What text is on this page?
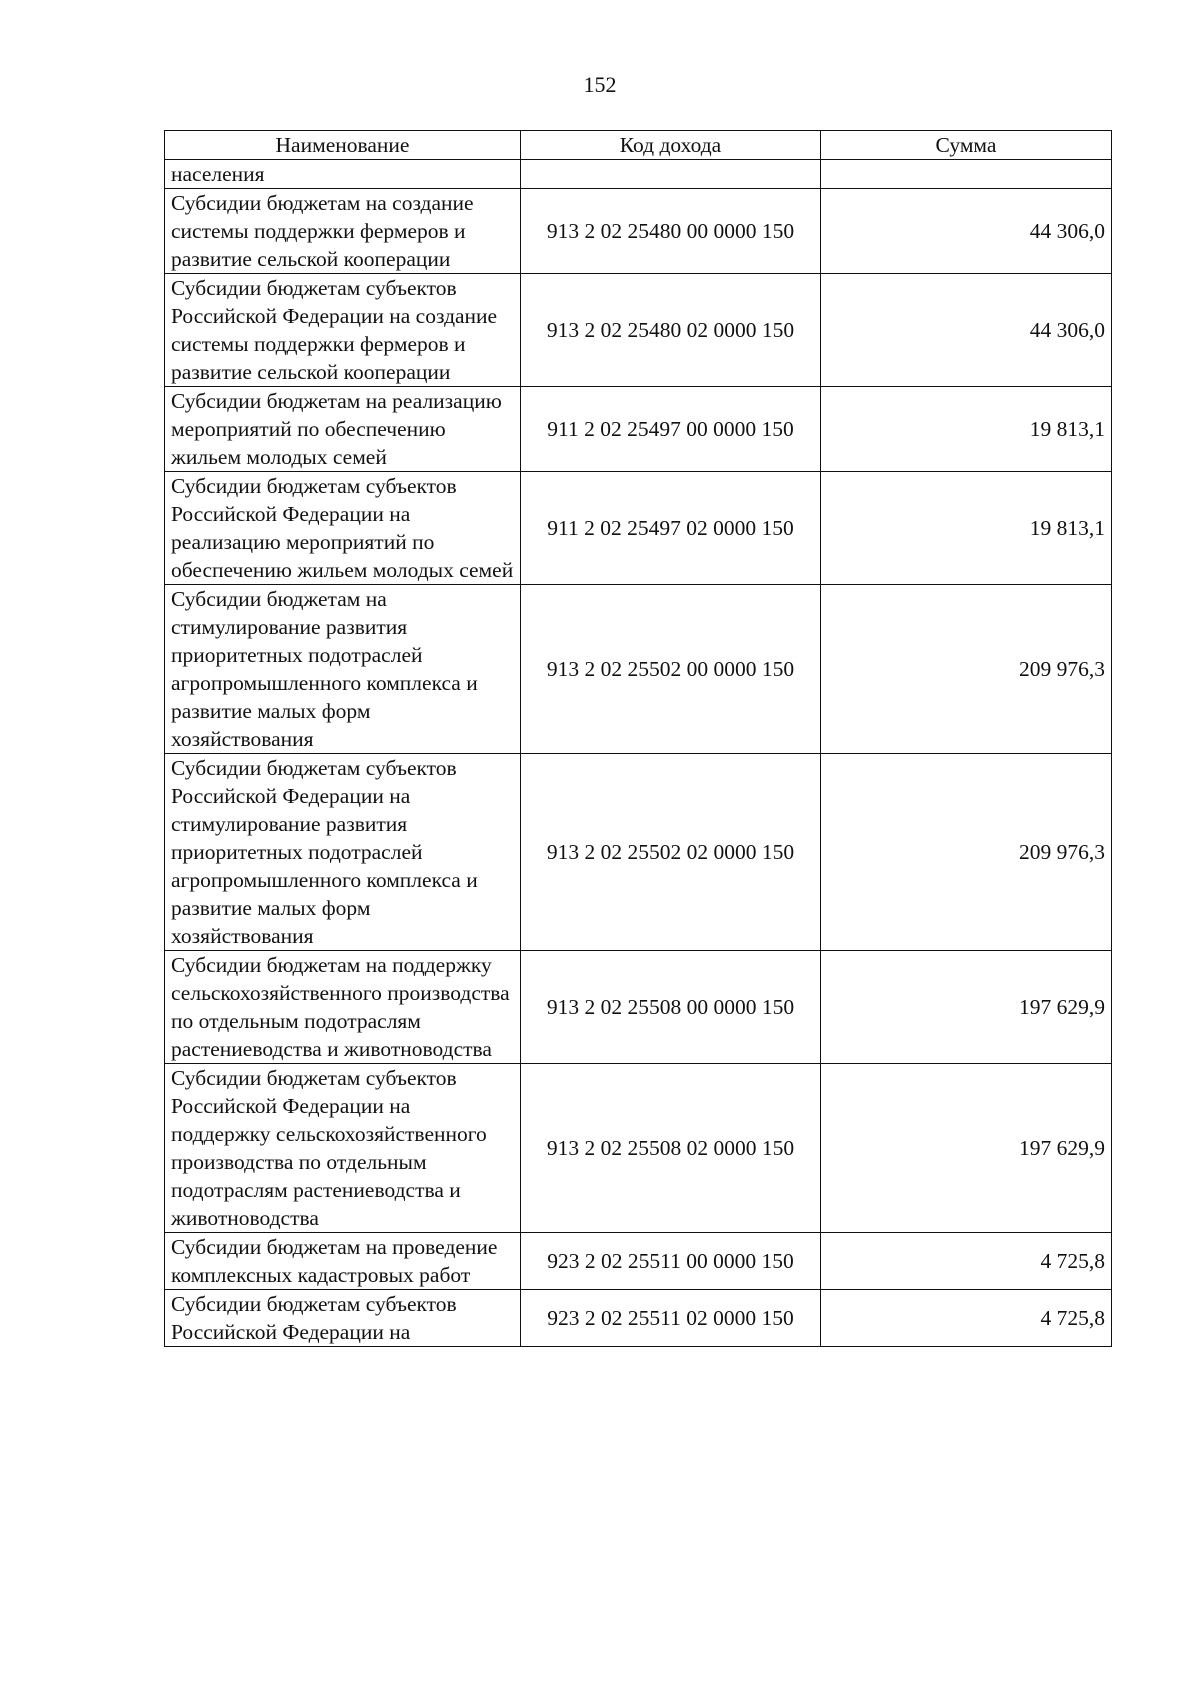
152
Наименование	Код дохода	Сумма
населения		
Субсидии бюджетам на создание системы поддержки фермеров и развитие сельской кооперации	913 2 02 25480 00 0000 150	44 306,0
Субсидии бюджетам субъектов Российской Федерации на создание системы поддержки фермеров и развитие сельской кооперации	913 2 02 25480 02 0000 150	44 306,0
Субсидии бюджетам на реализацию мероприятий по обеспечению жильем молодых семей	911 2 02 25497 00 0000 150	19 813,1
Субсидии бюджетам субъектов Российской Федерации на реализацию мероприятий по обеспечению жильем молодых семей	911 2 02 25497 02 0000 150	19 813,1
Субсидии бюджетам на стимулирование развития приоритетных подотраслей агропромышленного комплекса и развитие малых форм хозяйствования	913 2 02 25502 00 0000 150	209 976,3
Субсидии бюджетам субъектов Российской Федерации на стимулирование развития приоритетных подотраслей агропромышленного комплекса и развитие малых форм хозяйствования	913 2 02 25502 02 0000 150	209 976,3
Субсидии бюджетам на поддержку сельскохозяйственного производства по отдельным подотраслям растениеводства и животноводства	913 2 02 25508 00 0000 150	197 629,9
Субсидии бюджетам субъектов Российской Федерации на поддержку сельскохозяйственного производства по отдельным подотраслям растениеводства и животноводства	913 2 02 25508 02 0000 150	197 629,9
Субсидии бюджетам на проведение комплексных кадастровых работ	923 2 02 25511 00 0000 150	4 725,8
Субсидии бюджетам субъектов Российской Федерации на	923 2 02 25511 02 0000 150	4 725,8
